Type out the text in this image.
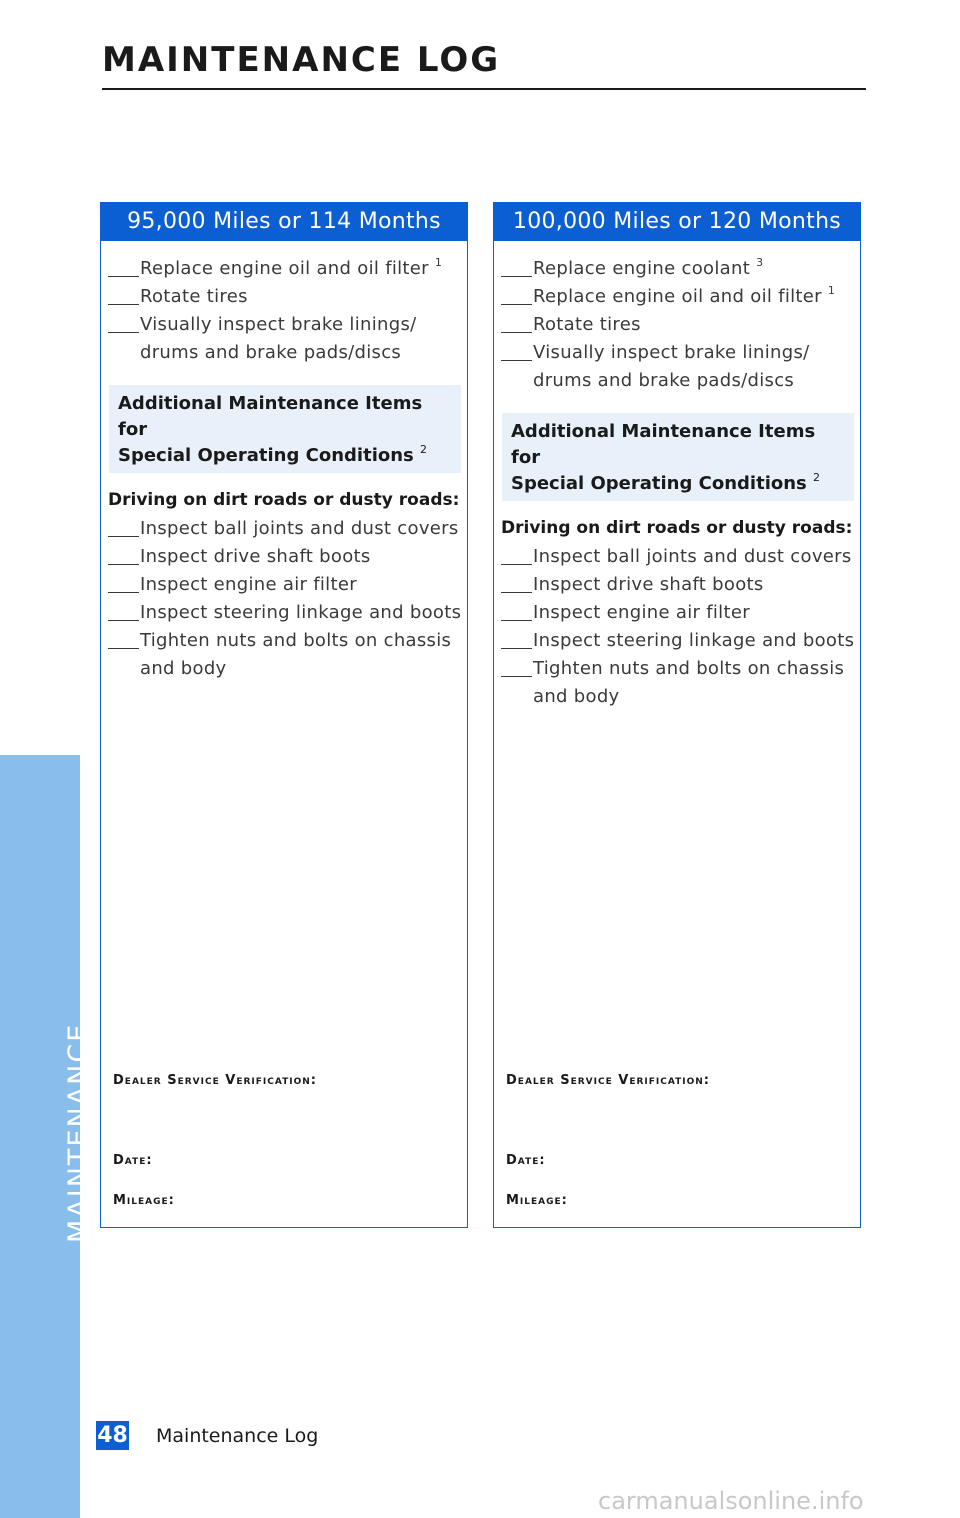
MAINTENANCE LOG
MAINTENANCE
95,000 Miles or 114 Months
Replace engine oil and oil filter $^1$
Rotate tires
Visually inspect brake linings/
drums and brake pads/discs
Additional Maintenance Items for
Special Operating Conditions $^2$
Driving on dirt roads or dusty roads:
Inspect ball joints and dust covers
Inspect drive shaft boots
Inspect engine air filter
Inspect steering linkage and boots
Tighten nuts and bolts on chassis
and body
Dealer Service Verification:
Date:
Mileage:
100,000 Miles or 120 Months
Replace engine coolant $^3$
Replace engine oil and oil filter $^1$
Rotate tires
Visually inspect brake linings/
drums and brake pads/discs
Additional Maintenance Items for
Special Operating Conditions $^2$
Driving on dirt roads or dusty roads:
Inspect ball joints and dust covers
Inspect drive shaft boots
Inspect engine air filter
Inspect steering linkage and boots
Tighten nuts and bolts on chassis
and body
Dealer Service Verification:
Date:
Mileage:
48 Maintenance Log
carmanualsonline.info
